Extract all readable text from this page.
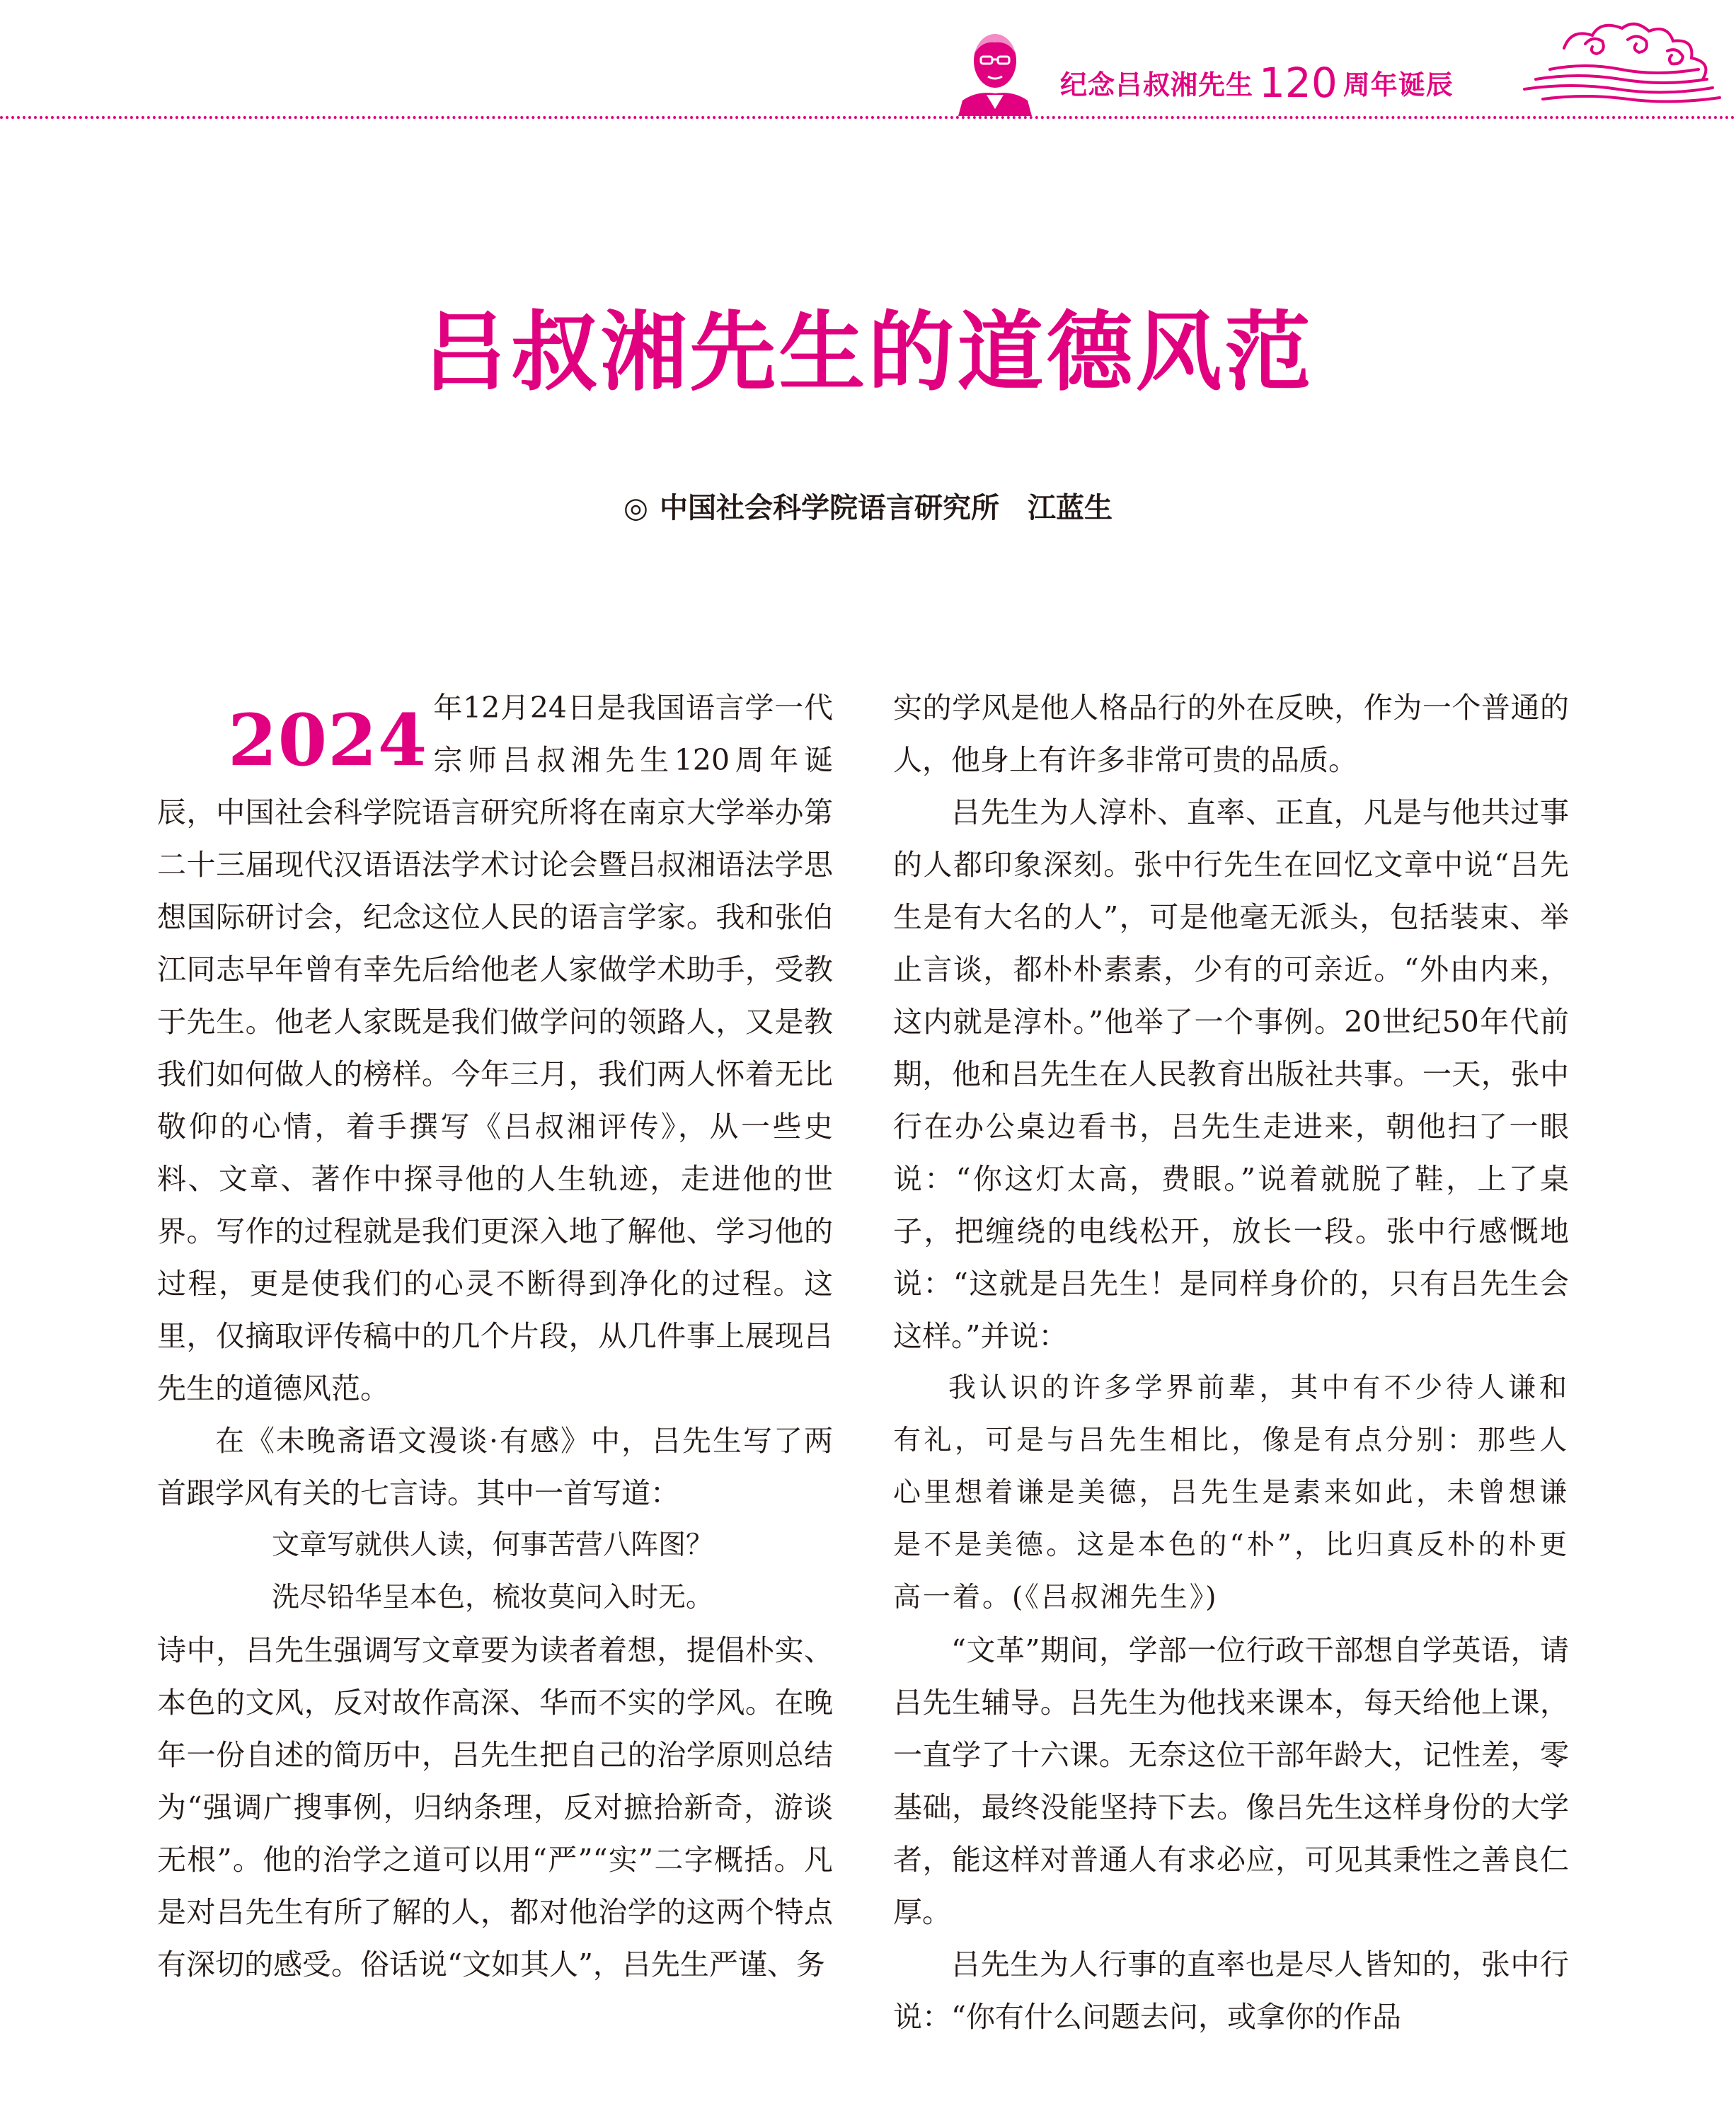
纪念吕叔湘先生 120 周年诞辰
吕叔湘先生的道德风范
◎ 中国社会科学院语言研究所 江蓝生

2024 年12月24日是我国语言学一代宗师吕叔湘先生120周年诞辰，中国社会科学院语言研究所将在南京大学举办第二十三届现代汉语语法学术讨论会暨吕叔湘语法学思想国际研讨会，纪念这位人民的语言学家。我和张伯江同志早年曾有幸先后给他老人家做学术助手，受教于先生。他老人家既是我们做学问的领路人，又是教我们如何做人的榜样。今年三月，我们两人怀着无比敬仰的心情，着手撰写《吕叔湘评传》，从一些史料、文章、著作中探寻他的人生轨迹，走进他的世界。写作的过程就是我们更深入地了解他、学习他的过程，更是使我们的心灵不断得到净化的过程。这里，仅摘取评传稿中的几个片段，从几件事上展现吕先生的道德风范。

在《未晚斋语文漫谈·有感》中，吕先生写了两首跟学风有关的七言诗。其中一首写道：

文章写就供人读，何事苦营八阵图？

洗尽铅华呈本色，梳妆莫问入时无。

诗中，吕先生强调写文章要为读者着想，提倡朴实、本色的文风，反对故作高深、华而不实的学风。在晚年一份自述的简历中，吕先生把自己的治学原则总结为“强调广搜事例，归纳条理，反对摭拾新奇，游谈无根”。他的治学之道可以用“严”“实”二字概括。凡是对吕先生有所了解的人，都对他治学的这两个特点有深切的感受。俗话说“文如其人”，吕先生严谨、务

实的学风是他人格品行的外在反映，作为一个普通的人，他身上有许多非常可贵的品质。

吕先生为人淳朴、直率、正直，凡是与他共过事的人都印象深刻。张中行先生在回忆文章中说“吕先生是有大名的人”，可是他毫无派头，包括装束、举止言谈，都朴朴素素，少有的可亲近。“外由内来，这内就是淳朴。”他举了一个事例。20世纪50年代前期，他和吕先生在人民教育出版社共事。一天，张中行在办公桌边看书，吕先生走进来，朝他扫了一眼说：“你这灯太高，费眼。”说着就脱了鞋，上了桌子，把缠绕的电线松开，放长一段。张中行感慨地说：“这就是吕先生！是同样身价的，只有吕先生会这样。”并说：

我认识的许多学界前辈，其中有不少待人谦和有礼，可是与吕先生相比，像是有点分别：那些人心里想着谦是美德，吕先生是素来如此，未曾想谦是不是美德。这是本色的“朴”，比归真反朴的朴更高一着。(《吕叔湘先生》)

“文革”期间，学部一位行政干部想自学英语，请吕先生辅导。吕先生为他找来课本，每天给他上课，一直学了十六课。无奈这位干部年龄大，记性差，零基础，最终没能坚持下去。像吕先生这样身份的大学者，能这样对普通人有求必应，可见其秉性之善良仁厚。

吕先生为人行事的直率也是尽人皆知的，张中行说：“你有什么问题去问，或拿你的作品
